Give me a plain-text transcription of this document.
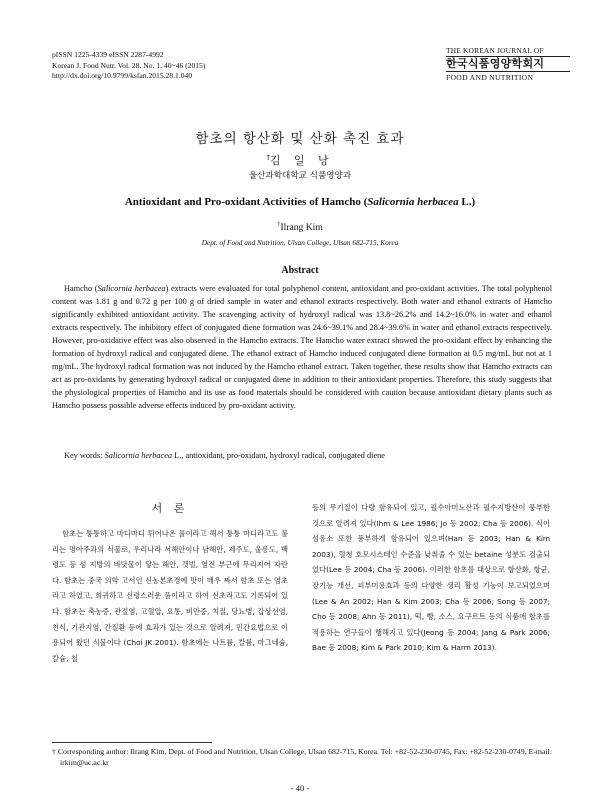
pISSN 1225-4339 eISSN 2287-4992
Korean J. Food Nutr. Vol. 28. No. 1, 40~46 (2015)
http://dx.doi.org/10.9799/ksfan.2015.28.1.040
THE KOREAN JOURNAL OF
한국식품영양학회지
FOOD AND NUTRITION
함초의 항산화 및 산화 촉진 효과
†김 일 낭
울산과학대학교 식품영양과
Antioxidant and Pro-oxidant Activities of Hamcho (Salicornia herbacea L.)
†Ilrang Kim
Dept. of Food and Nutrition, Ulsan College, Ulsan 682-715, Korea
Abstract
Hamcho (Salicornia herbacea) extracts were evaluated for total polyphenol content, antioxidant and pro-oxidant activities. The total polyphenol content was 1.81 g and 0.72 g per 100 g of dried sample in water and ethanol extracts respectively. Both water and ethanol extracts of Hamcho significantly exhibited antioxidant activity. The scavenging activity of hydroxyl radical was 13.8~26.2% and 14.2~16.0% in water and ethanol extracts respectively. The inhibitory effect of conjugated diene formation was 24.6~39.1% and 28.4~39.6% in water and ethanol extracts respectively. However, pro-oxidative effect was also observed in the Hamcho extracts. The Hamcho water extract showed the pro-oxidant effect by enhancing the formation of hydroxyl radical and conjugated diene. The ethanol extract of Hamcho induced conjugated diene formation at 0.5 mg/mL but not at 1 mg/mL. The hydroxyl radical formation was not induced by the Hamcho ethanol extract. Taken together, these results show that Hamcho extracts can act as pro-oxidants by generating hydroxyl radical or conjugated diene in addition to their antioxidant properties. Therefore, this study suggests that the physiological properties of Hamcho and its use as food materials should be considered with caution because antioxidant dietary plants such as Hamcho possess possible adverse effects induced by pro-oxidant activity.
Key words: Salicornia herbacea L., antioxidant, pro-oxidant, hydroxyl radical, conjugated diene
서 론
함초는 퉁퉁하고 마디마디 튀어나온 풀이라고 해서 퉁퉁 마디라고도 불리는 명아주과의 식물로, 우리나라 서해안이나 남해안, 제주도, 울릉도, 백령도 등 섬 지방의 바닷물이 닿는 해안, 갯벌, 염전 부근에 무리지어 자란다. 함초는 중국 의학 고서인 신농본초경에 맛이 매우 짜서 함초 또는 염초라고 하였고, 희귀하고 신령스러운 풀이라고 하여 신초라고도 기록되어 있다. 함초는 축농증, 관절염, 고혈압, 요통, 비만증, 치질, 당뇨병, 갑상선염, 천식, 기관지염, 간질환 등에 효과가 있는 것으로 알려져, 민간요법으로 이용되어 왔던 식물이다 (Choi JK 2001). 함초에는 나트륨, 칼륨, 마그네슘, 칼슘, 철
등의 무기질이 다량 함유되어 있고, 필수아미노산과 필수지방산이 풍부한 것으로 알려져 있다(Ihm & Lee 1986; Jo 등 2002; Cha 등 2006). 식이섬유소 또한 풍부하게 함유되어 있으며(Han 등 2003; Han & Kim 2003), 혈청 호모시스테인 수준을 낮춰줄 수 있는 betaine 성분도 검출되었다(Lee 등 2004; Cha 등 2006). 이러한 함초를 대상으로 항산화, 항균, 장기능 개선, 피부미용효과 등의 다양한 생리 활성 기능이 보고되었으며(Lee & An 2002; Han & Kim 2003; Cha 등 2006; Song 등 2007; Cho 등 2008; Ahn 등 2011), 떡, 빵, 소스, 요구르트 등의 식품에 함초를 적용하는 연구들이 행해지고 있다(Jeong 등 2004; Jang & Park 2006; Bae 등 2008; Kim & Park 2010; Kim & Harm 2013).
† Corresponding author: Ilrang Kim, Dept. of Food and Nutrition, Ulsan College, Ulsan 682-715, Korea. Tel: +82-52-230-0745, Fax: +82-52-230-0749, E-mail: irkim@uc.ac.kr
- 40 -
